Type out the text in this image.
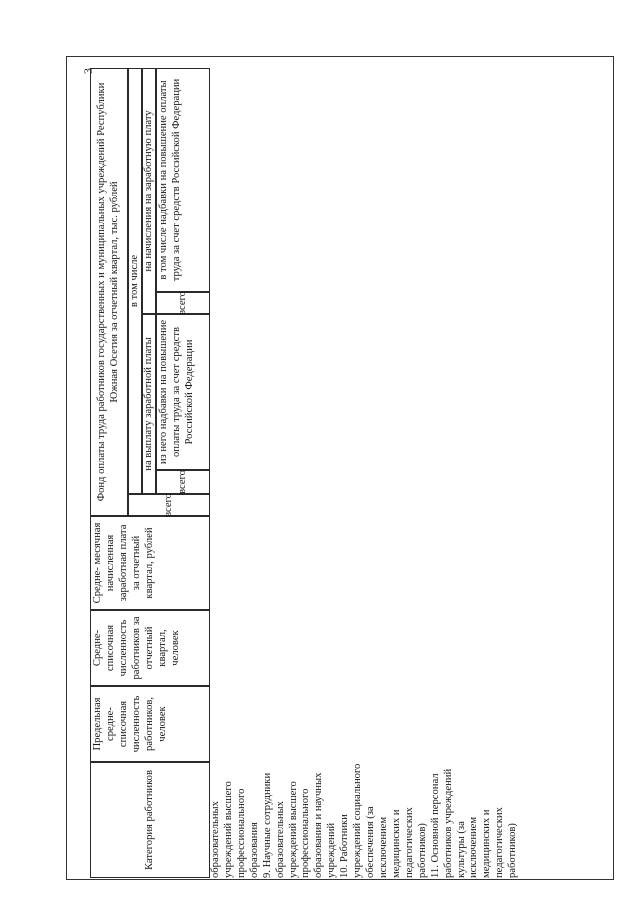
3
Категория работников
Предельная средне- списочная численность работников, человек
Средне- списочная численность работников за отчетный квартал, человек
Средне- месячная начисленная заработная плата за отчетный квартал, рублей
Фонд оплаты труда работников государственных и муниципальных учреждений Республики Южная Осетия за отчетный квартал, тыс. рублей
всего
в том числе
на выплату заработной платы
всего
из него надбавки на повышение оплаты труда за счет средств Российской Федерации
на начисления на заработную плату
всего
в том числе надбавки на повышение оплаты труда за счет средств Российской Федерации
образовательных учреждений высшего профессионального образования 9. Научные сотрудники образовательных учреждений высшего профессионального образования и научных учреждений 10. Работники учреждений социального обеспечения (за исключением медицинских и педагогических работников) 11. Основной персонал работников учреждений культуры (за исключением медицинских и педагогических работников)
